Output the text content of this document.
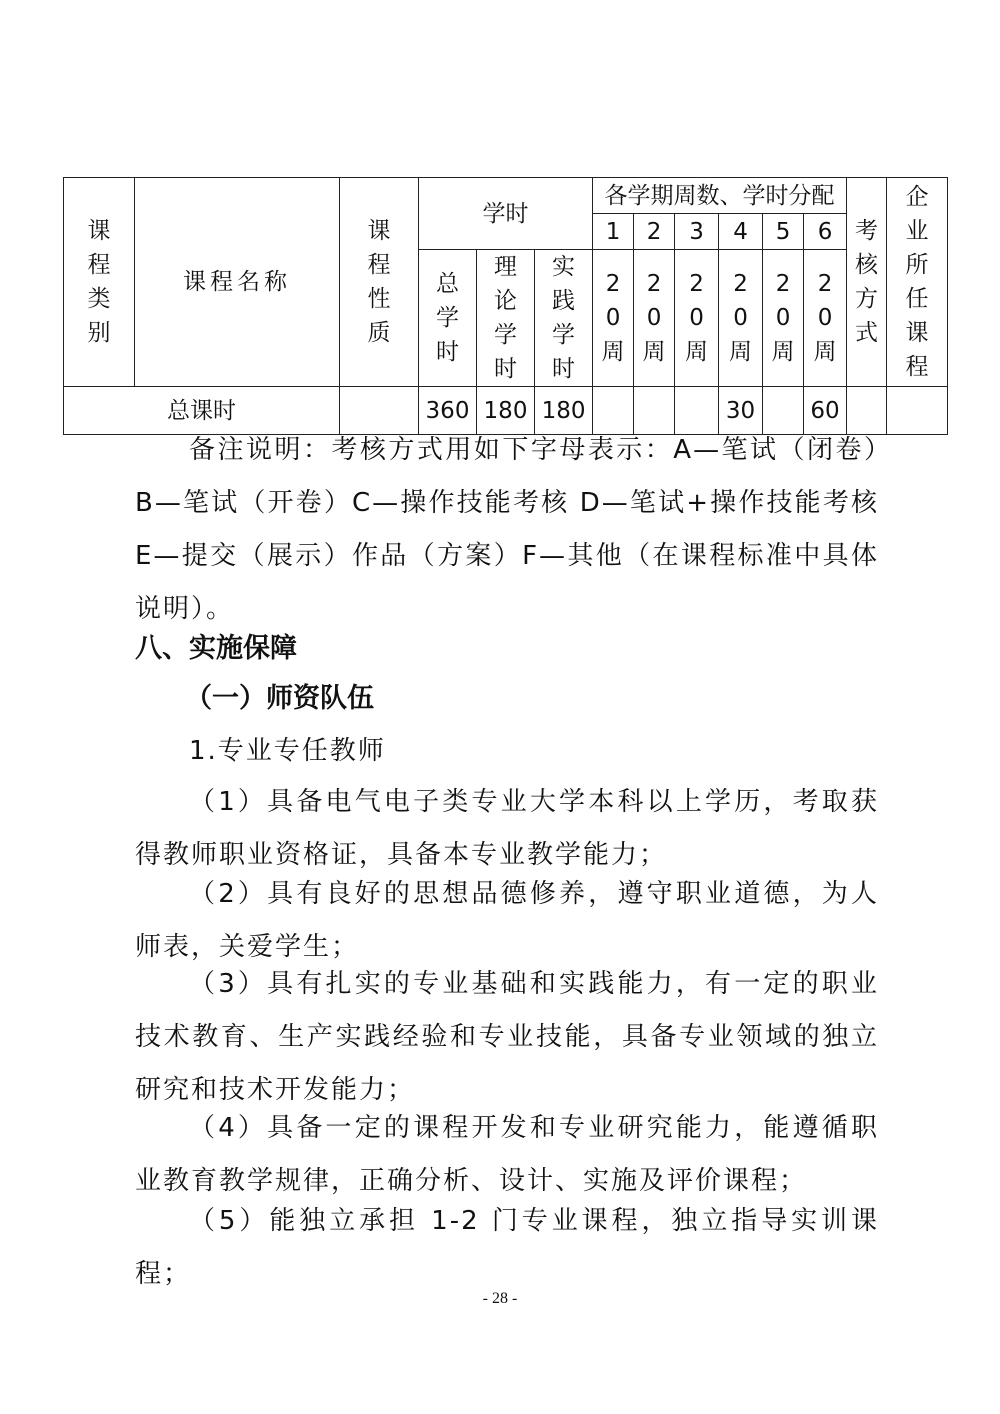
课程类别	课程名称	课程性质	学时			各学期周数、学时分配						考核方式	企业所任课程
						1	2	3	4	5	6		
			总学时	理论学时	实践学时	20周	20周	20周	20周	20周	20周		
总课时			360	180	180				30		60		

备注说明：考核方式用如下字母表示：A—笔试（闭卷）B—笔试（开卷）C—操作技能考核 D—笔试+操作技能考核 E—提交（展示）作品（方案）F—其他（在课程标准中具体说明）。

八、实施保障
（一）师资队伍

1.专业专任教师

（1）具备电气电子类专业大学本科以上学历，考取获得教师职业资格证，具备本专业教学能力；

（2）具有良好的思想品德修养，遵守职业道德，为人师表，关爱学生；

（3）具有扎实的专业基础和实践能力，有一定的职业技术教育、生产实践经验和专业技能，具备专业领域的独立研究和技术开发能力；

（4）具备一定的课程开发和专业研究能力，能遵循职业教育教学规律，正确分析、设计、实施及评价课程；

（5）能独立承担 1-2 门专业课程，独立指导实训课程；

- 28 -
